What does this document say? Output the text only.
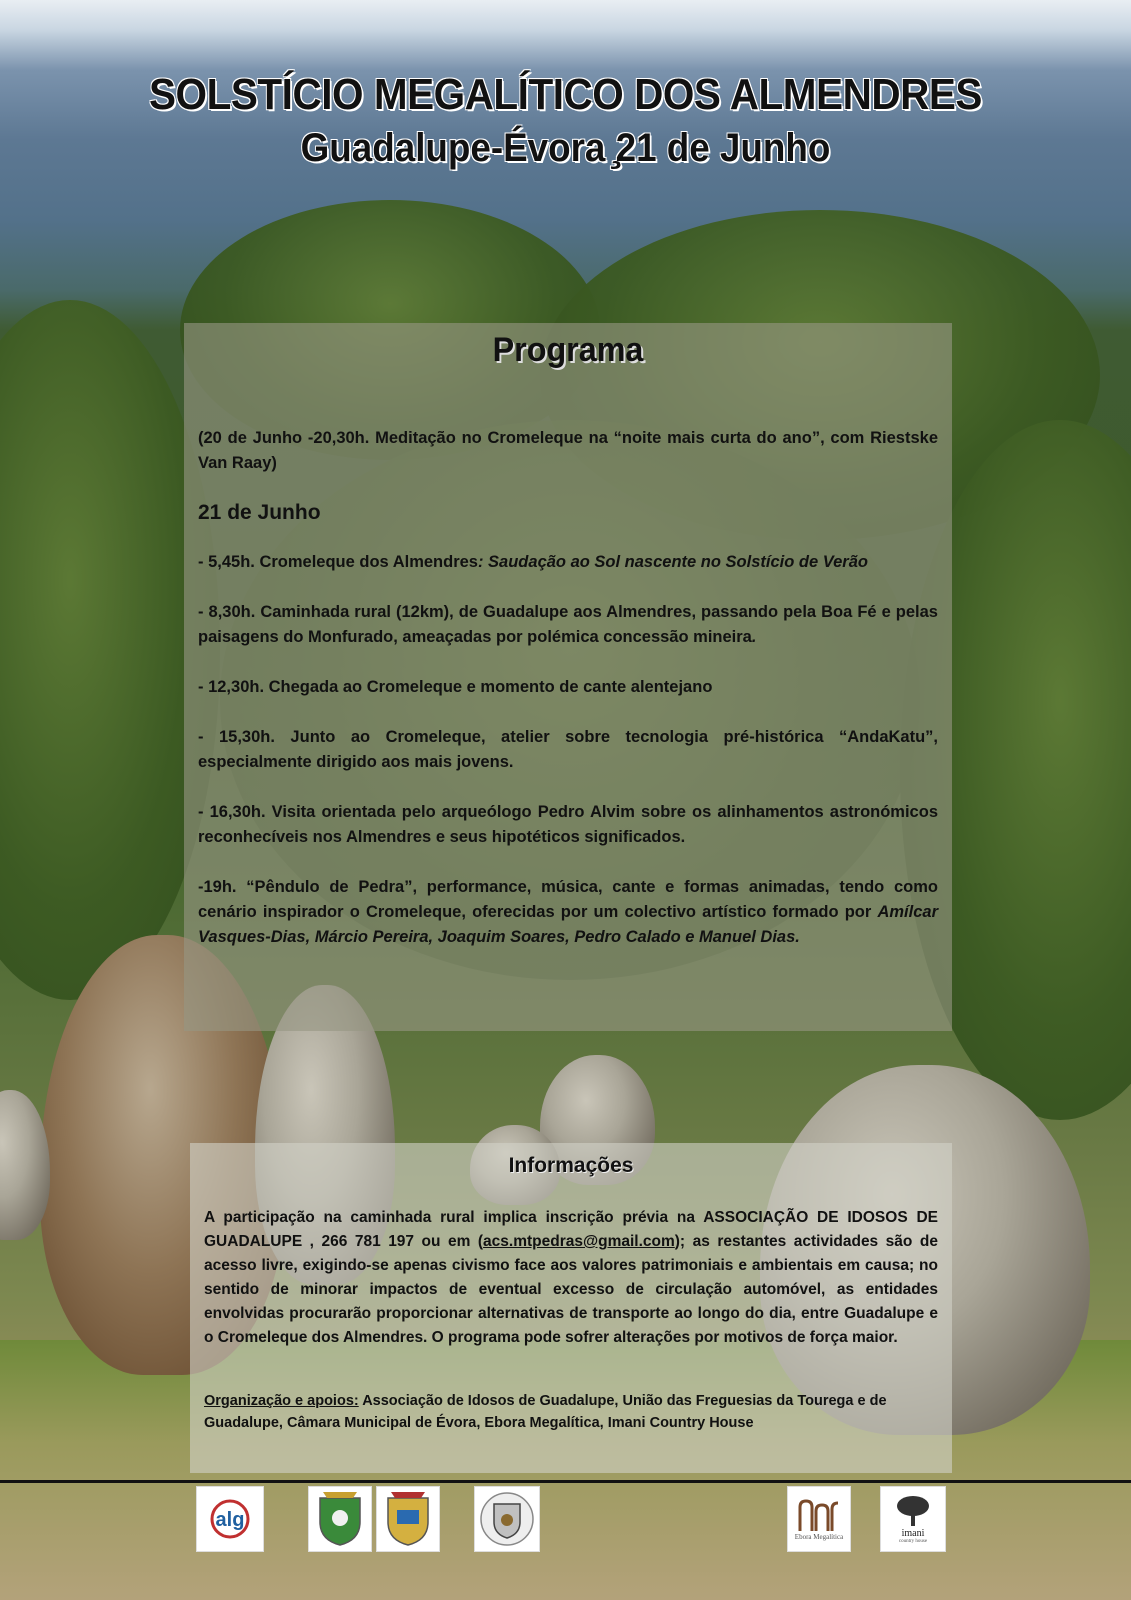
SOLSTÍCIO MEGALÍTICO DOS ALMENDRES
Guadalupe-Évora ̧21 de Junho
Programa

(20 de Junho -20,30h. Meditação no Cromeleque na “noite mais curta do ano”, com Riestske Van Raay)

21 de Junho

- 5,45h. Cromeleque dos Almendres: Saudação ao Sol nascente no Solstício de Verão

- 8,30h. Caminhada rural (12km), de Guadalupe aos Almendres, passando pela Boa Fé e pelas paisagens do Monfurado, ameaçadas por polémica concessão mineira.

- 12,30h. Chegada ao Cromeleque e momento de cante alentejano

- 15,30h. Junto ao Cromeleque, atelier sobre tecnologia pré-histórica “AndaKatu”, especialmente dirigido aos mais jovens.

- 16,30h. Visita orientada pelo arqueólogo Pedro Alvim sobre os alinhamentos astronómicos reconhecíveis nos Almendres e seus hipotéticos significados.

-19h. “Pêndulo de Pedra”, performance, música, cante e formas animadas, tendo como cenário inspirador o Cromeleque, oferecidas por um colectivo artístico formado por Amílcar Vasques-Dias, Márcio Pereira, Joaquim Soares, Pedro Calado e Manuel Dias.

Informações

A participação na caminhada rural implica inscrição prévia na ASSOCIAÇÃO DE IDOSOS DE GUADALUPE , 266 781 197 ou em (acs.mtpedras@gmail.com); as restantes actividades são de acesso livre, exigindo-se apenas civismo face aos valores patrimoniais e ambientais em causa; no sentido de minorar impactos de eventual excesso de circulação automóvel, as entidades envolvidas procurarão proporcionar alternativas de transporte ao longo do dia, entre Guadalupe e o Cromeleque dos Almendres. O programa pode sofrer alterações por motivos de força maior.

Organização e apoios: Associação de Idosos de Guadalupe, União das Freguesias da Tourega e de Guadalupe, Câmara Municipal de Évora, Ebora Megalítica, Imani Country House

alg
Ebora Megalítica	imani
country house
